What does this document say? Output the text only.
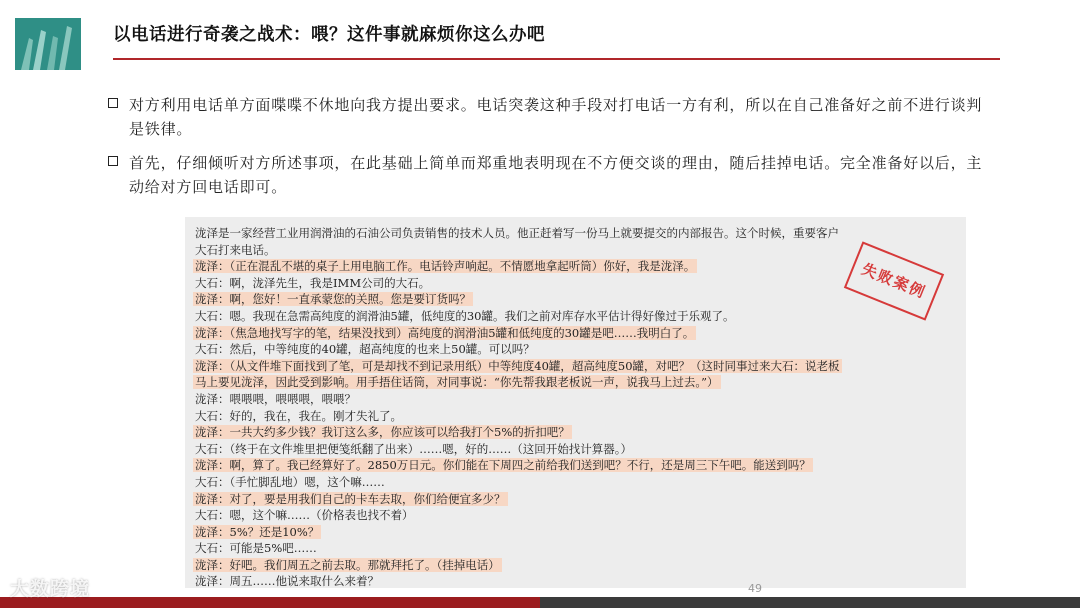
以电话进行奇袭之战术：喂？这件事就麻烦你这么办吧
对方利用电话单方面喋喋不休地向我方提出要求。电话突袭这种手段对打电话一方有利，所以在自己准备好之前不进行谈判是铁律。
首先，仔细倾听对方所述事项，在此基础上简单而郑重地表明现在不方便交谈的理由，随后挂掉电话。完全准备好以后，主动给对方回电话即可。
泷泽是一家经营工业用润滑油的石油公司负责销售的技术人员。他正赶着写一份马上就要提交的内部报告。这个时候，重要客户
大石打来电话。
泷泽：（正在混乱不堪的桌子上用电脑工作。电话铃声响起。不情愿地拿起听筒）你好，我是泷泽。
大石：啊，泷泽先生，我是IMM公司的大石。
泷泽：啊，您好！一直承蒙您的关照。您是要订货吗？
大石：嗯。我现在急需高纯度的润滑油5罐，低纯度的30罐。我们之前对库存水平估计得好像过于乐观了。
泷泽：（焦急地找写字的笔，结果没找到）高纯度的润滑油5罐和低纯度的30罐是吧……我明白了。
大石：然后，中等纯度的40罐，超高纯度的也来上50罐。可以吗？
泷泽：（从文件堆下面找到了笔，可是却找不到记录用纸）中等纯度40罐，超高纯度50罐，对吧？（这时同事过来大石：说老板
马上要见泷泽，因此受到影响。用手捂住话筒，对同事说：“你先帮我跟老板说一声，说我马上过去。”）
泷泽：喂喂喂，喂喂喂，喂喂？
大石：好的，我在，我在。刚才失礼了。
泷泽：一共大约多少钱？我订这么多，你应该可以给我打个5%的折扣吧？
大石：（终于在文件堆里把便笺纸翻了出来）……嗯，好的……（这回开始找计算器。）
泷泽：啊，算了。我已经算好了。2850万日元。你们能在下周四之前给我们送到吧？不行，还是周三下午吧。能送到吗？
大石：（手忙脚乱地）嗯，这个嘛……
泷泽：对了，要是用我们自己的卡车去取，你们给便宜多少？
大石：嗯，这个嘛……（价格表也找不着）
泷泽：5%？还是10%？
大石：可能是5%吧……
泷泽：好吧。我们周五之前去取。那就拜托了。（挂掉电话）
泷泽：周五……他说来取什么来着？
失败案例
49
大数跨境
